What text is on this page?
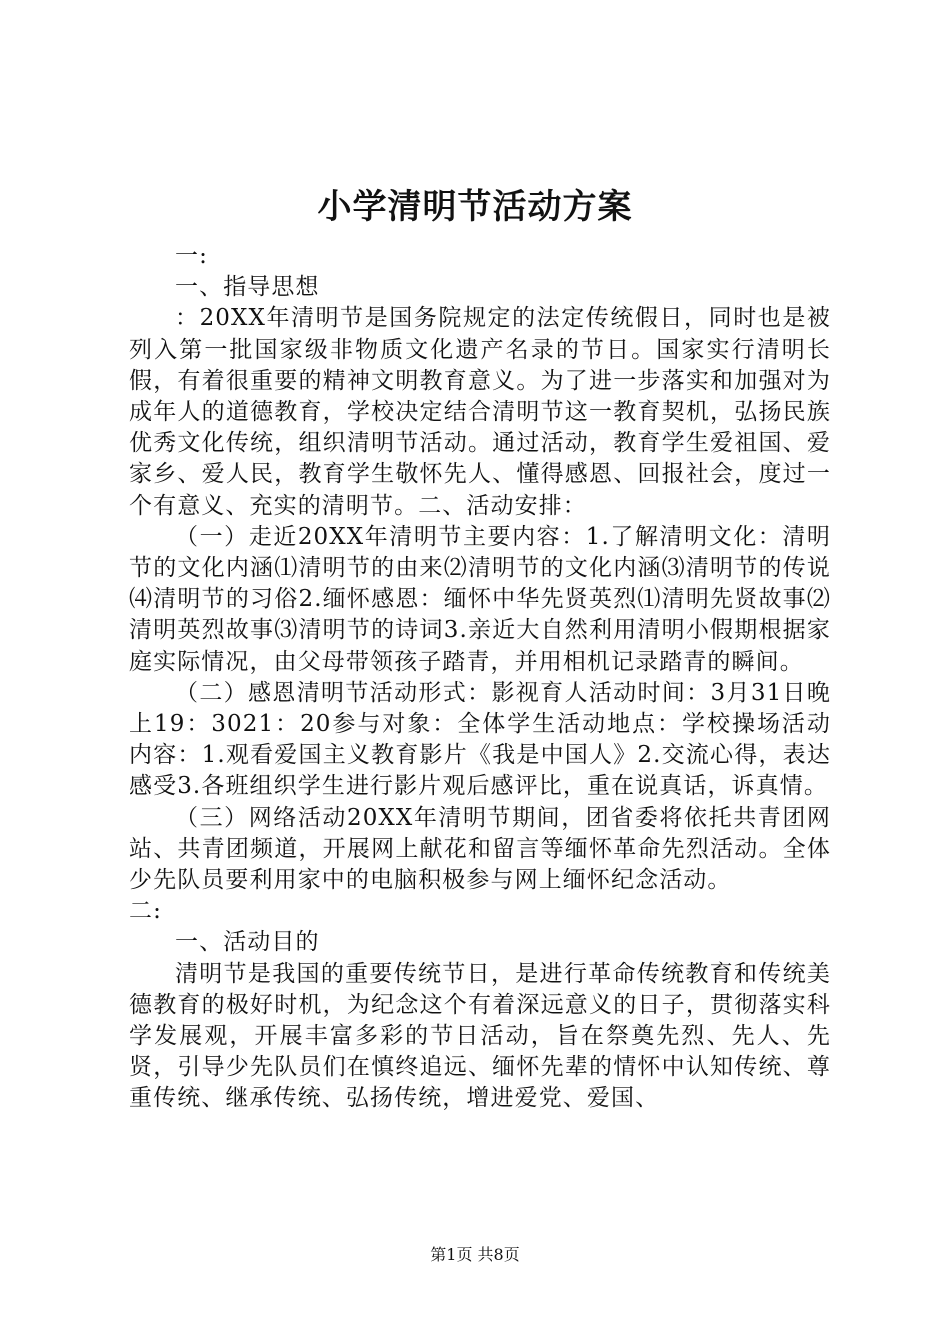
小学清明节活动方案

一:

一、指导思想

：20XX年清明节是国务院规定的法定传统假日，同时也是被列入第一批国家级非物质文化遗产名录的节日。国家实行清明长假，有着很重要的精神文明教育意义。为了进一步落实和加强对为成年人的道德教育，学校决定结合清明节这一教育契机，弘扬民族优秀文化传统，组织清明节活动。通过活动，教育学生爱祖国、爱家乡、爱人民，教育学生敬怀先人、懂得感恩、回报社会，度过一个有意义、充实的清明节。二、活动安排：

（一）走近20XX年清明节主要内容：1.了解清明文化：清明节的文化内涵⑴清明节的由来⑵清明节的文化内涵⑶清明节的传说⑷清明节的习俗2.缅怀感恩：缅怀中华先贤英烈⑴清明先贤故事⑵清明英烈故事⑶清明节的诗词3.亲近大自然利用清明小假期根据家庭实际情况，由父母带领孩子踏青，并用相机记录踏青的瞬间。

（二）感恩清明节活动形式：影视育人活动时间：3月31日晚上19：3021：20参与对象：全体学生活动地点：学校操场活动内容：1.观看爱国主义教育影片《我是中国人》2.交流心得，表达感受3.各班组织学生进行影片观后感评比，重在说真话，诉真情。

（三）网络活动20XX年清明节期间，团省委将依托共青团网站、共青团频道，开展网上献花和留言等缅怀革命先烈活动。全体少先队员要利用家中的电脑积极参与网上缅怀纪念活动。

二:

一、活动目的

清明节是我国的重要传统节日，是进行革命传统教育和传统美德教育的极好时机，为纪念这个有着深远意义的日子，贯彻落实科学发展观，开展丰富多彩的节日活动，旨在祭奠先烈、先人、先贤，引导少先队员们在慎终追远、缅怀先辈的情怀中认知传统、尊重传统、继承传统、弘扬传统，增进爱党、爱国、

第1页 共8页
